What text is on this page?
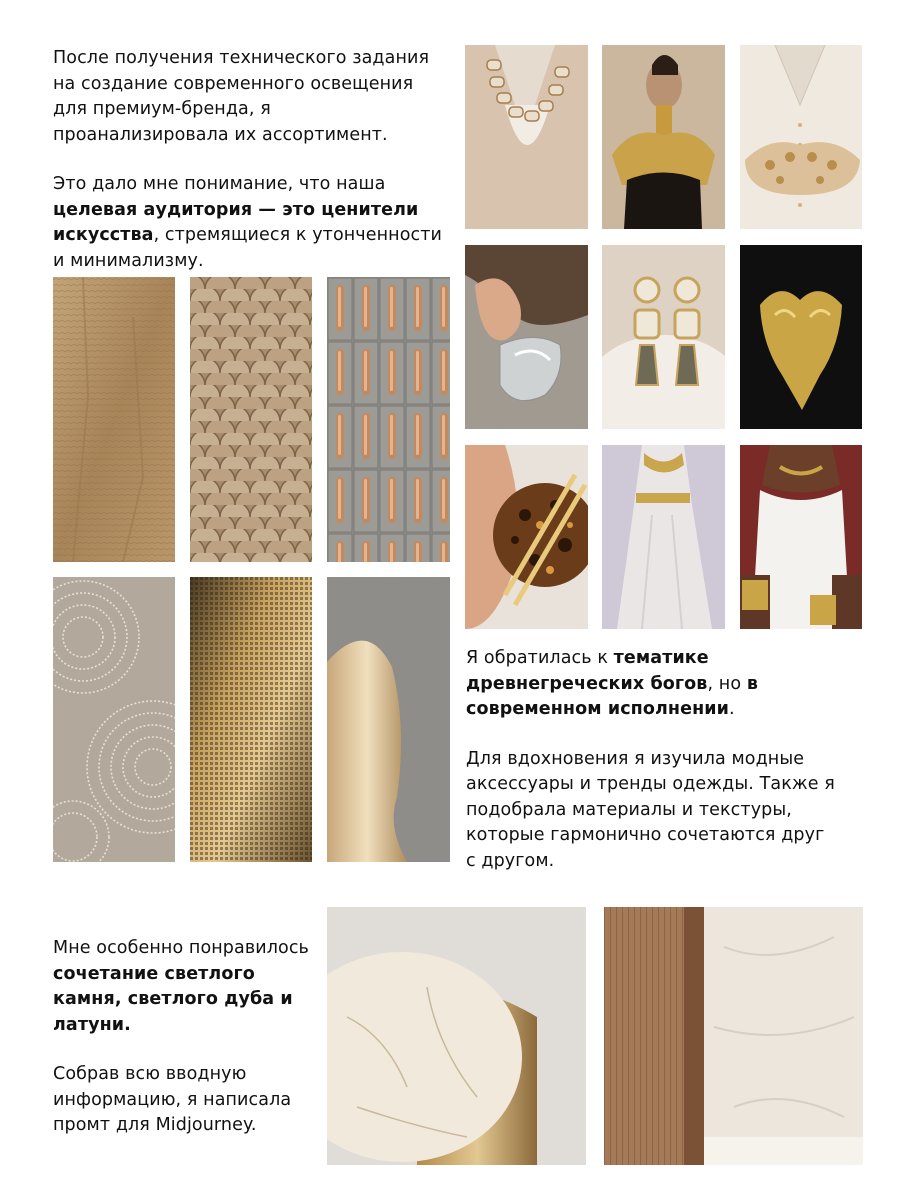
После получения технического задания на создание современного освещения для премиум-бренда, я проанализировала их ассортимент.

Это дало мне понимание, что наша целевая аудитория — это ценители искусства, стремящиеся к утонченности и минимализму.

Я обратилась к тематике древнегреческих богов, но в современном исполнении.

Для вдохновения я изучила модные аксессуары и тренды одежды. Также я подобрала материалы и текстуры, которые гармонично сочетаются друг с другом.

Мне особенно понравилось сочетание светлого камня, светлого дуба и латуни.

Собрав всю вводную информацию, я написала промт для Midjourney.
